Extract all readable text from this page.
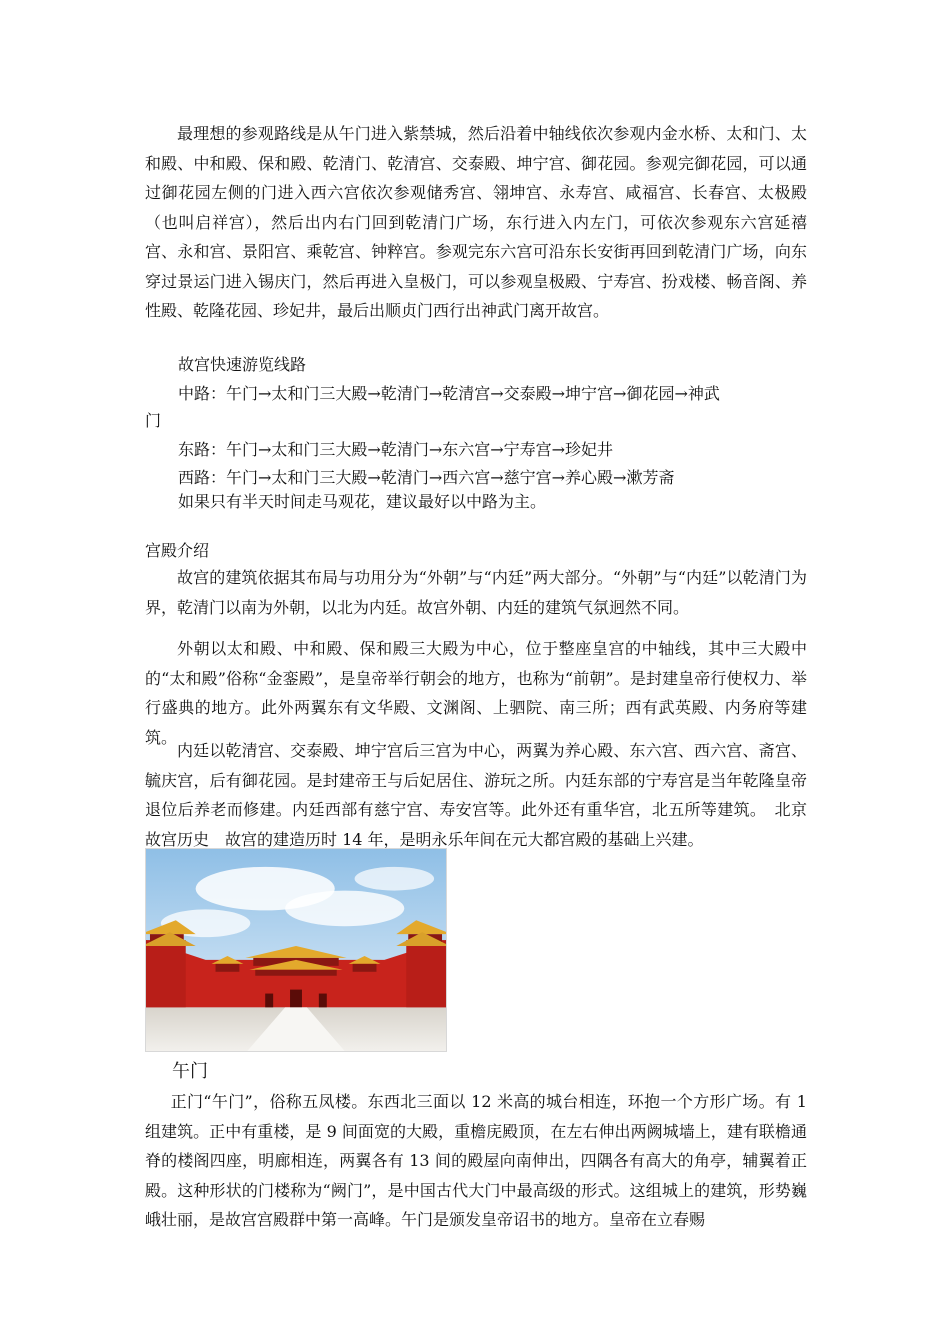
最理想的参观路线是从午门进入紫禁城，然后沿着中轴线依次参观内金水桥、太和门、太和殿、中和殿、保和殿、乾清门、乾清宫、交泰殿、坤宁宫、御花园。参观完御花园，可以通过御花园左侧的门进入西六宫依次参观储秀宫、翎坤宫、永寿宫、咸福宫、长春宫、太极殿（也叫启祥宫），然后出内右门回到乾清门广场，东行进入内左门，可依次参观东六宫延禧宫、永和宫、景阳宫、乘乾宫、钟粹宫。参观完东六宫可沿东长安街再回到乾清门广场，向东穿过景运门进入锡庆门，然后再进入皇极门，可以参观皇极殿、宁寿宫、扮戏楼、畅音阁、养性殿、乾隆花园、珍妃井，最后出顺贞门西行出神武门离开故宫。

故宫快速游览线路
中路：午门→太和门三大殿→乾清门→乾清宫→交泰殿→坤宁宫→御花园→神武
门
东路：午门→太和门三大殿→乾清门→东六宫→宁寿宫→珍妃井
西路：午门→太和门三大殿→乾清门→西六宫→慈宁宫→养心殿→漱芳斋
如果只有半天时间走马观花，建议最好以中路为主。
宫殿介绍

故宫的建筑依据其布局与功用分为“外朝”与“内廷”两大部分。“外朝”与“内廷”以乾清门为界，乾清门以南为外朝，以北为内廷。故宫外朝、内廷的建筑气氛迥然不同。

外朝以太和殿、中和殿、保和殿三大殿为中心，位于整座皇宫的中轴线，其中三大殿中的“太和殿”俗称“金銮殿”，是皇帝举行朝会的地方，也称为“前朝”。是封建皇帝行使权力、举行盛典的地方。此外两翼东有文华殿、文渊阁、上驷院、南三所；西有武英殿、内务府等建筑。

内廷以乾清宫、交泰殿、坤宁宫后三宫为中心，两翼为养心殿、东六宫、西六宫、斋宫、毓庆宫，后有御花园。是封建帝王与后妃居住、游玩之所。内廷东部的宁寿宫是当年乾隆皇帝退位后养老而修建。内廷西部有慈宁宫、寿安宫等。此外还有重华宫，北五所等建筑。　北京故宫历史　故宫的建造历时 14 年，是明永乐年间在元大都宫殿的基础上兴建。

午门

正门“午门”，俗称五凤楼。东西北三面以 12 米高的城台相连，环抱一个方形广场。有 1 组建筑。正中有重楼，是 9 间面宽的大殿，重檐庑殿顶，在左右伸出两阙城墙上，建有联檐通脊的楼阁四座，明廊相连，两翼各有 13 间的殿屋向南伸出，四隅各有高大的角亭，辅翼着正殿。这种形状的门楼称为“阙门”，是中国古代大门中最高级的形式。这组城上的建筑，形势巍峨壮丽，是故宫宫殿群中第一高峰。午门是颁发皇帝诏书的地方。皇帝在立春赐
